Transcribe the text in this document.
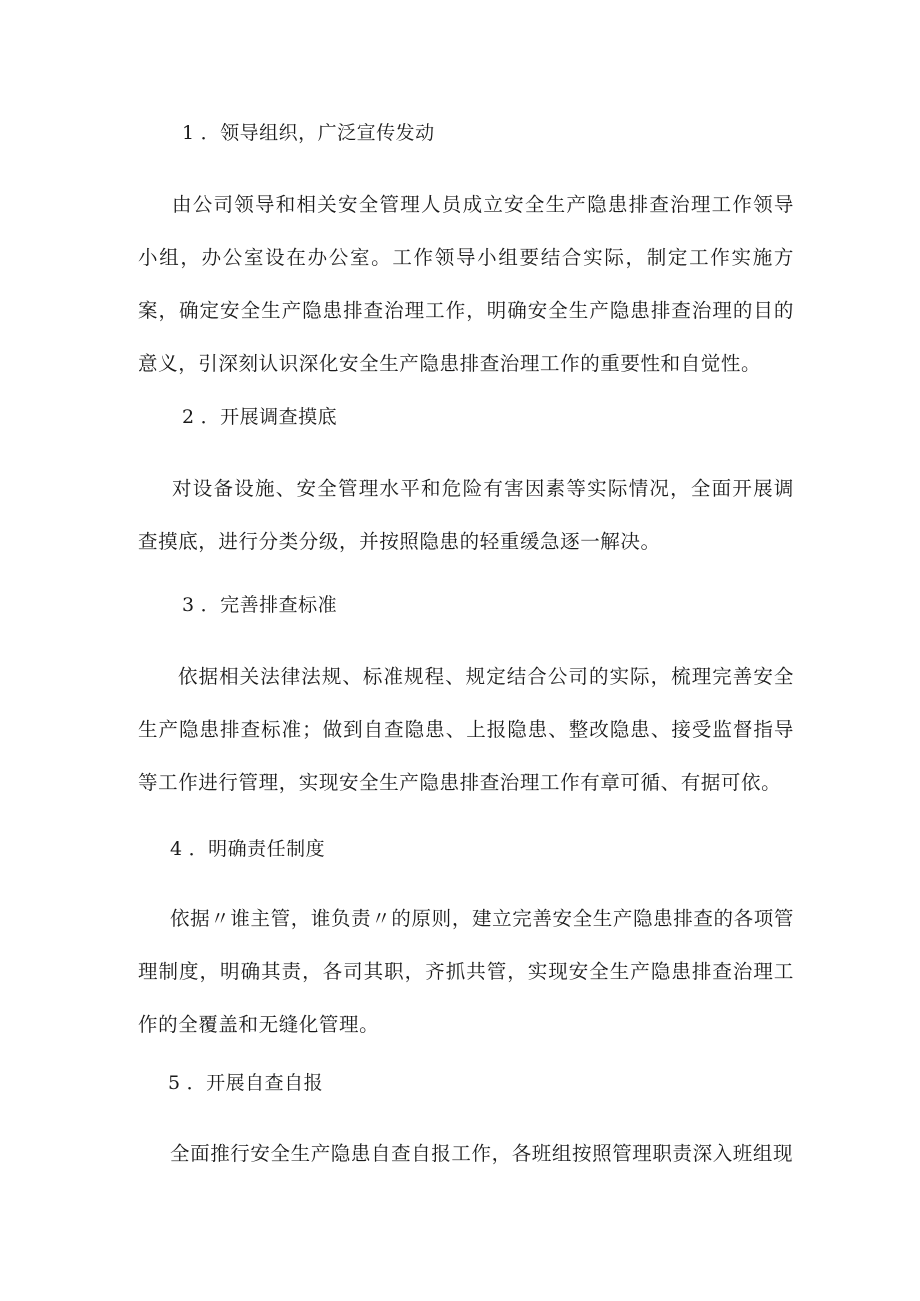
1 ．领导组织，广泛宣传发动

由公司领导和相关安全管理人员成立安全生产隐患排查治理工作领导小组，办公室设在办公室。工作领导小组要结合实际，制定工作实施方案，确定安全生产隐患排查治理工作，明确安全生产隐患排查治理的目的意义，引深刻认识深化安全生产隐患排查治理工作的重要性和自觉性。

2 ．开展调查摸底

对设备设施、安全管理水平和危险有害因素等实际情况，全面开展调查摸底，进行分类分级，并按照隐患的轻重缓急逐一解决。

3 ．完善排查标准

依据相关法律法规、标准规程、规定结合公司的实际，梳理完善安全生产隐患排查标准；做到自查隐患、上报隐患、整改隐患、接受监督指导等工作进行管理，实现安全生产隐患排查治理工作有章可循、有据可依。

4 ．明确责任制度

依据〃谁主管，谁负责〃的原则，建立完善安全生产隐患排查的各项管理制度，明确其责，各司其职，齐抓共管，实现安全生产隐患排查治理工作的全覆盖和无缝化管理。

5 ．开展自查自报

全面推行安全生产隐患自查自报工作，各班组按照管理职责深入班组现
